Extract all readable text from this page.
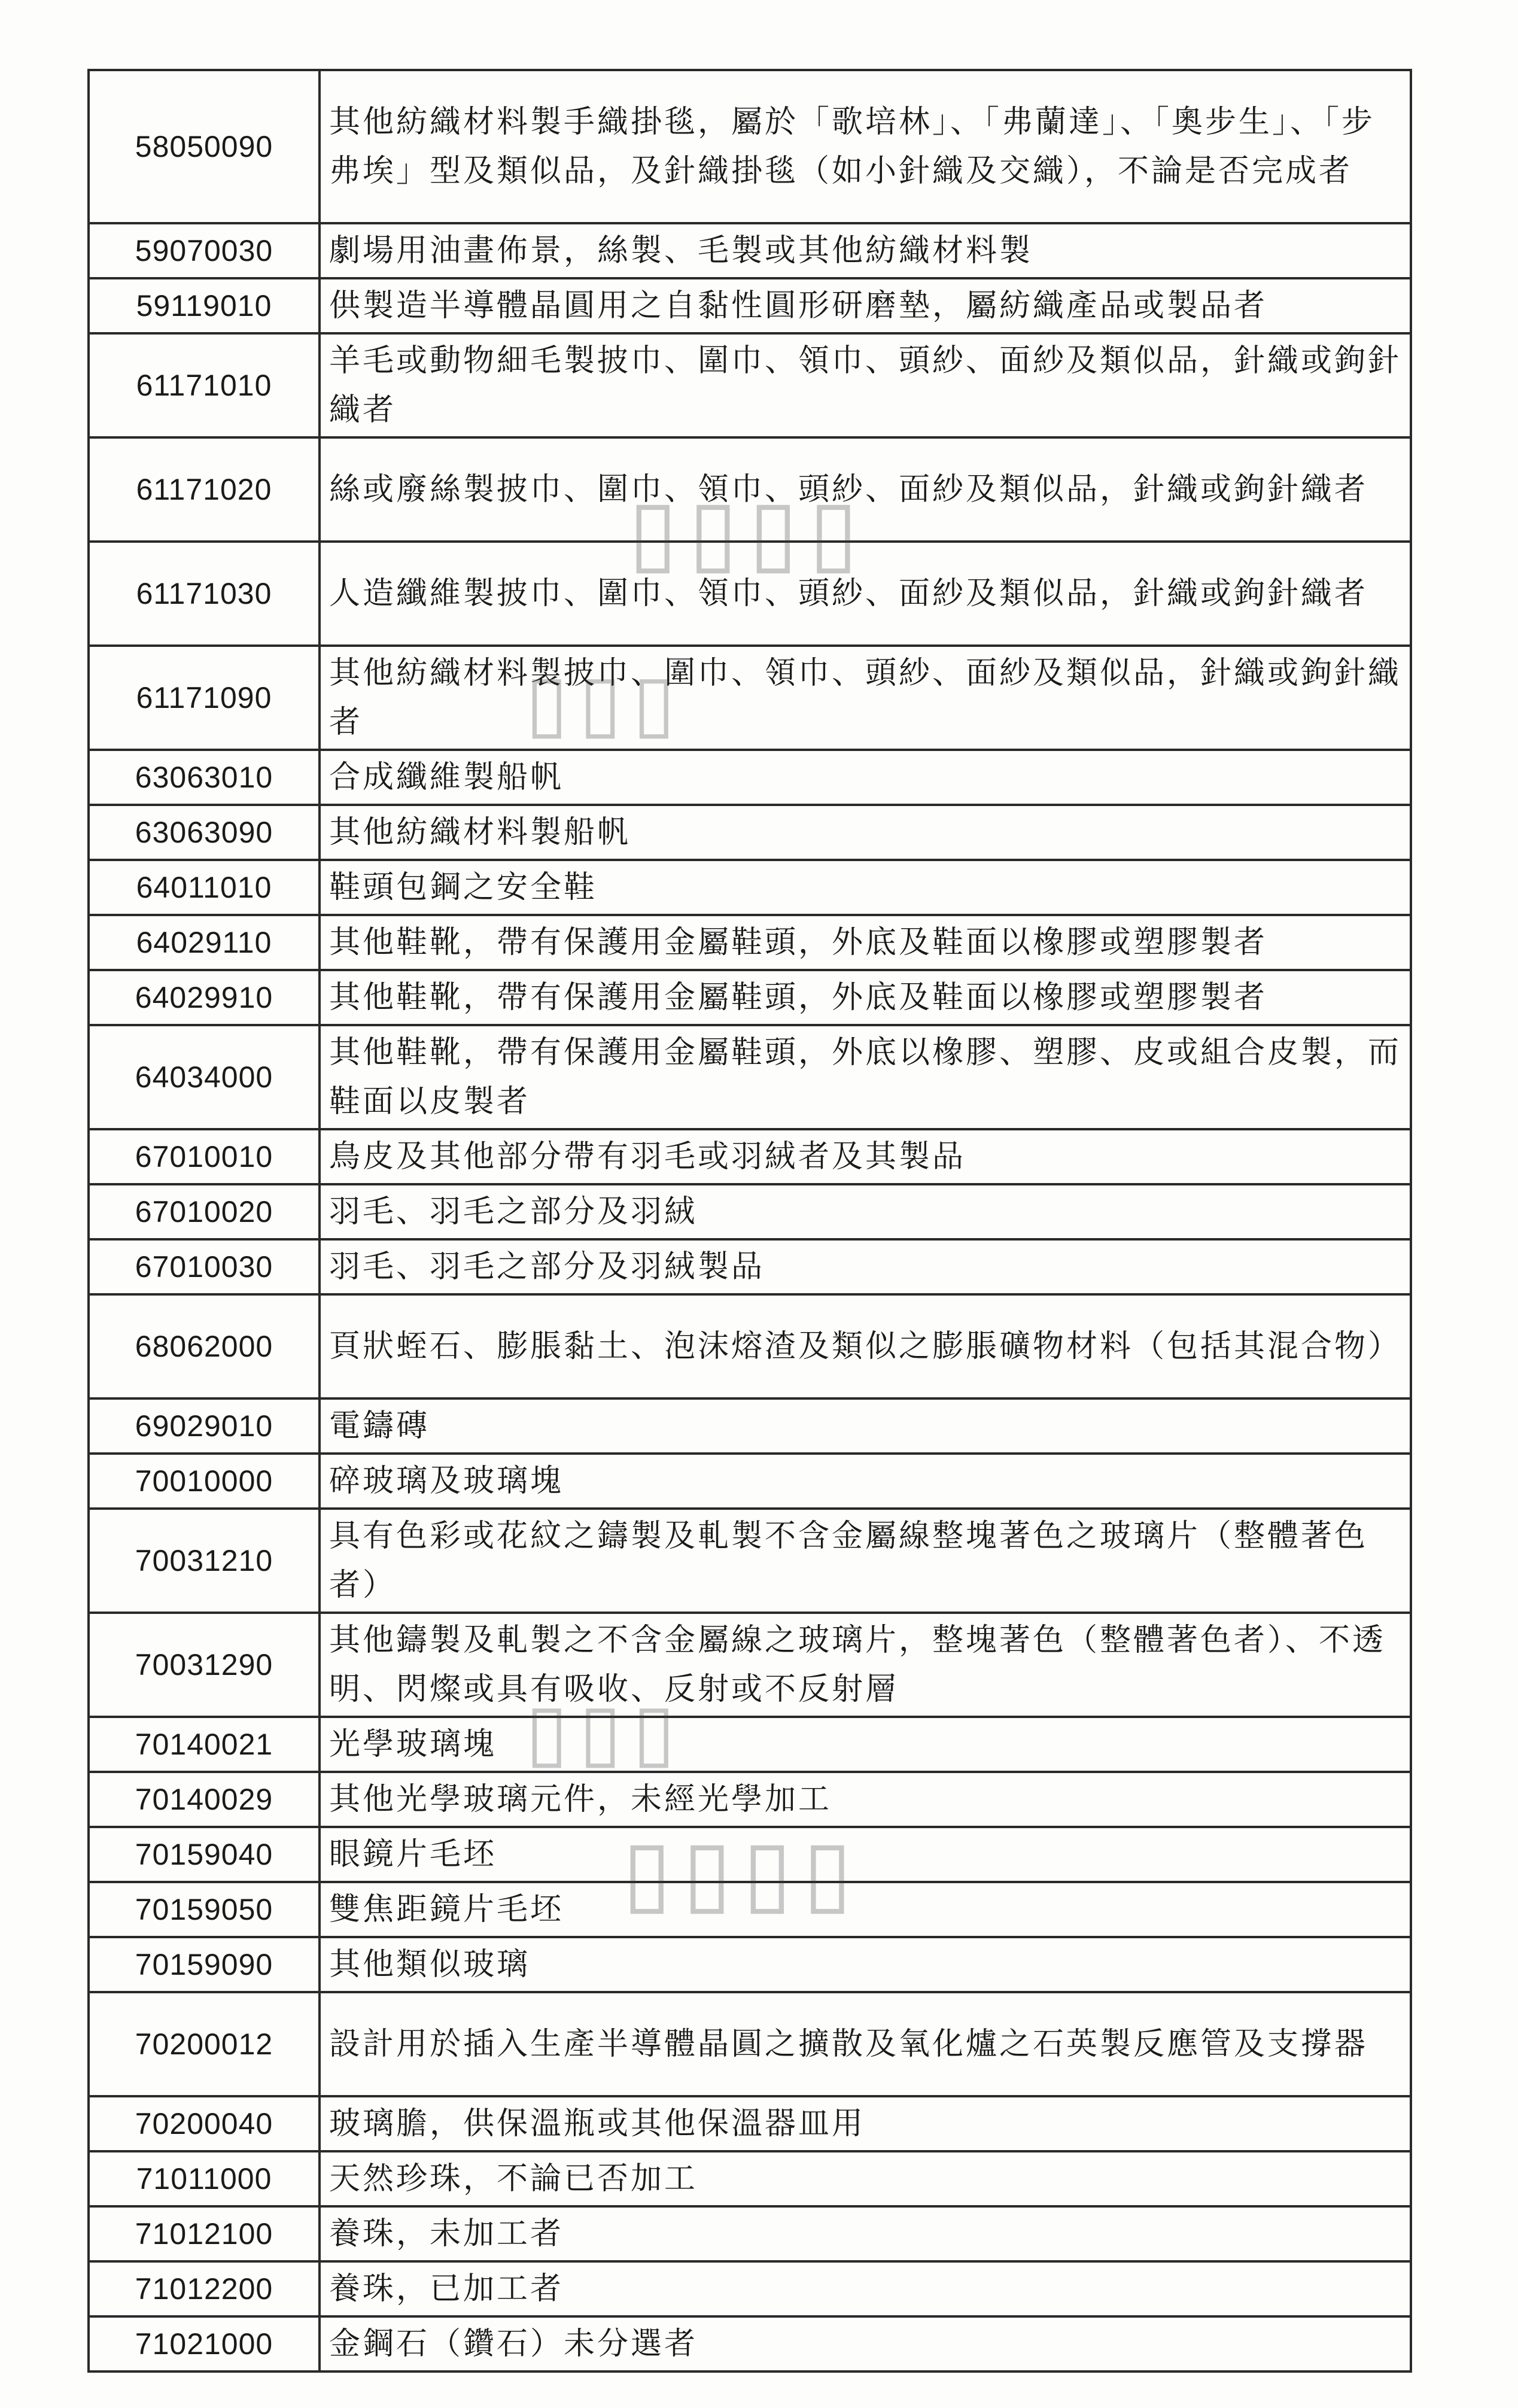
58050090	其他紡織材料製手織掛毯，屬於「歌培林」、「弗蘭達」、「奧步生」、「步弗埃」型及類似品，及針織掛毯（如小針織及交織），不論是否完成者
59070030	劇場用油畫佈景，絲製、毛製或其他紡織材料製
59119010	供製造半導體晶圓用之自黏性圓形研磨墊，屬紡織產品或製品者
61171010	羊毛或動物細毛製披巾、圍巾、領巾、頭紗、面紗及類似品，針織或鉤針織者
61171020	絲或廢絲製披巾、圍巾、領巾、頭紗、面紗及類似品，針織或鉤針織者
61171030	人造纖維製披巾、圍巾、領巾、頭紗、面紗及類似品，針織或鉤針織者
61171090	其他紡織材料製披巾、圍巾、領巾、頭紗、面紗及類似品，針織或鉤針織者
63063010	合成纖維製船帆
63063090	其他紡織材料製船帆
64011010	鞋頭包鋼之安全鞋
64029110	其他鞋靴，帶有保護用金屬鞋頭，外底及鞋面以橡膠或塑膠製者
64029910	其他鞋靴，帶有保護用金屬鞋頭，外底及鞋面以橡膠或塑膠製者
64034000	其他鞋靴，帶有保護用金屬鞋頭，外底以橡膠、塑膠、皮或組合皮製，而鞋面以皮製者
67010010	鳥皮及其他部分帶有羽毛或羽絨者及其製品
67010020	羽毛、羽毛之部分及羽絨
67010030	羽毛、羽毛之部分及羽絨製品
68062000	頁狀蛭石、膨脹黏土、泡沫熔渣及類似之膨脹礦物材料（包括其混合物）
69029010	電鑄磚
70010000	碎玻璃及玻璃塊
70031210	具有色彩或花紋之鑄製及軋製不含金屬線整塊著色之玻璃片（整體著色者）
70031290	其他鑄製及軋製之不含金屬線之玻璃片，整塊著色（整體著色者）、不透明、閃燦或具有吸收、反射或不反射層
70140021	光學玻璃塊
70140029	其他光學玻璃元件，未經光學加工
70159040	眼鏡片毛坯
70159050	雙焦距鏡片毛坯
70159090	其他類似玻璃
70200012	設計用於插入生產半導體晶圓之擴散及氧化爐之石英製反應管及支撐器
70200040	玻璃膽，供保溫瓶或其他保溫器皿用
71011000	天然珍珠，不論已否加工
71012100	養珠，未加工者
71012200	養珠，已加工者
71021000	金鋼石（鑽石）未分選者
▯▯▯▯
▯▯▯
▯▯▯
▯▯▯▯
